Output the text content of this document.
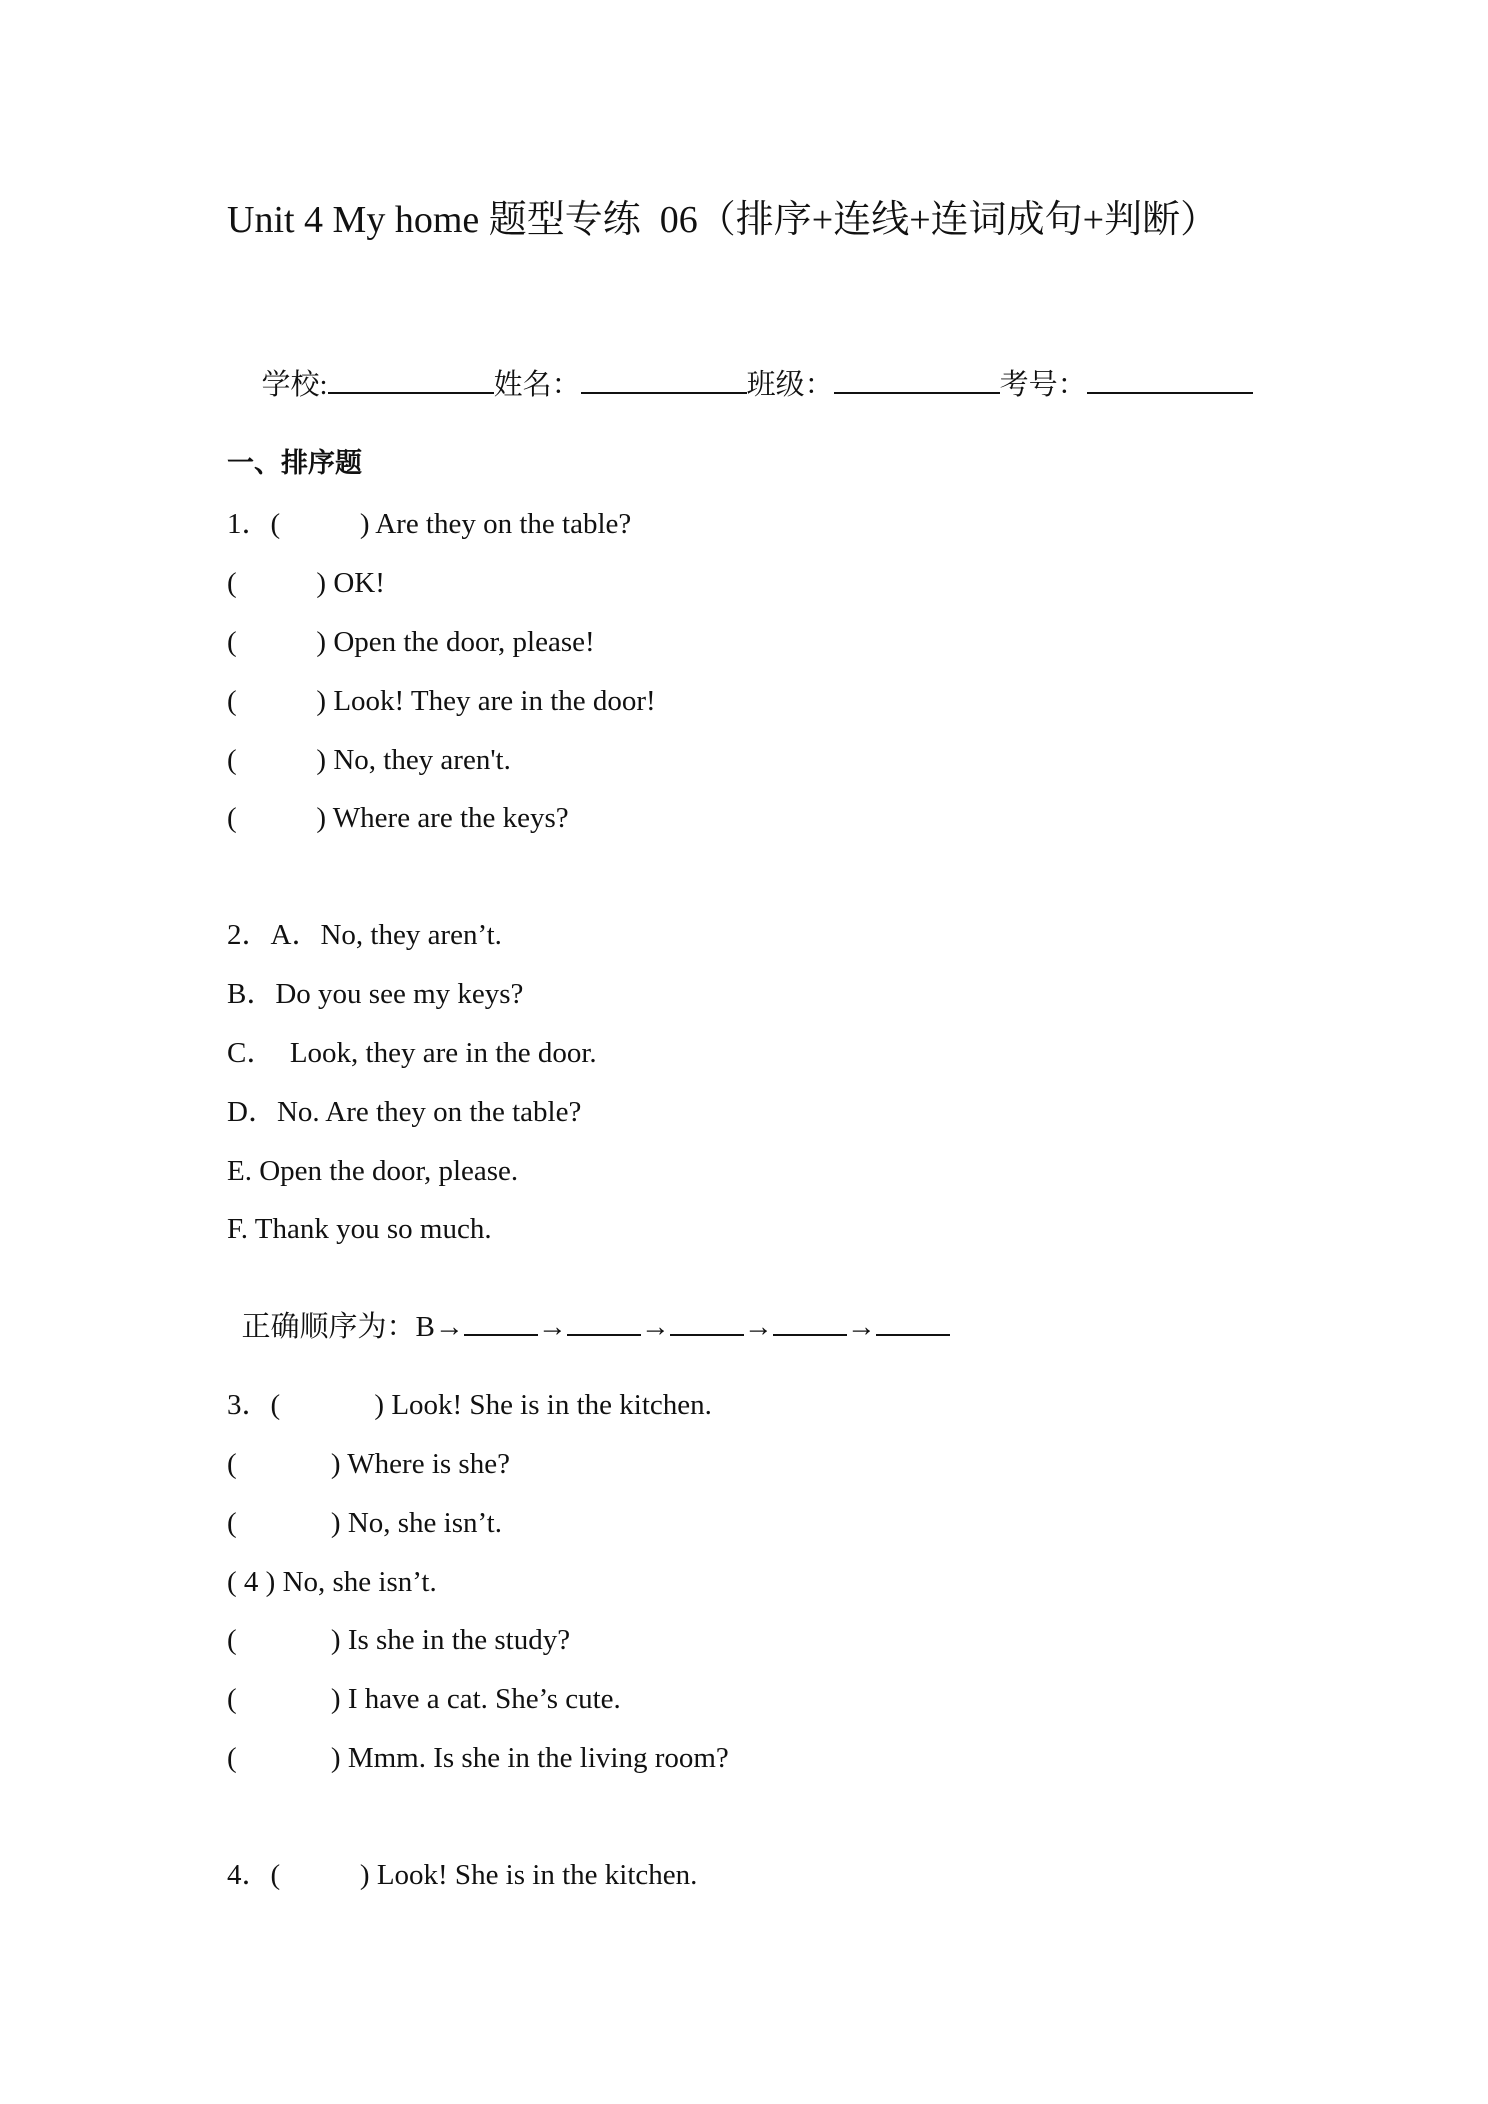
Unit 4 My home 题型专练  06（排序+连线+连词成句+判断）

学校:	姓名：	班级：	考号：

一、排序题
1．(           ) Are they on the table?
(           ) OK!
(           ) Open the door, please!
(           ) Look! They are in the door!
(           ) No, they aren't.
(           ) Where are the keys?
2．A．No, they aren’t.
B．Do you see my keys?
C．  Look, they are in the door.
D．No. Are they on the table?
E. Open the door, please.
F. Thank you so much.

正确顺序为：B→	→	→	→	→

3．(             ) Look! She is in the kitchen.
(             ) Where is she?
(             ) No, she isn’t.
( 4 ) No, she isn’t.
(             ) Is she in the study?
(             ) I have a cat. She’s cute.
(             ) Mmm. Is she in the living room?
4．(           ) Look! She is in the kitchen.
